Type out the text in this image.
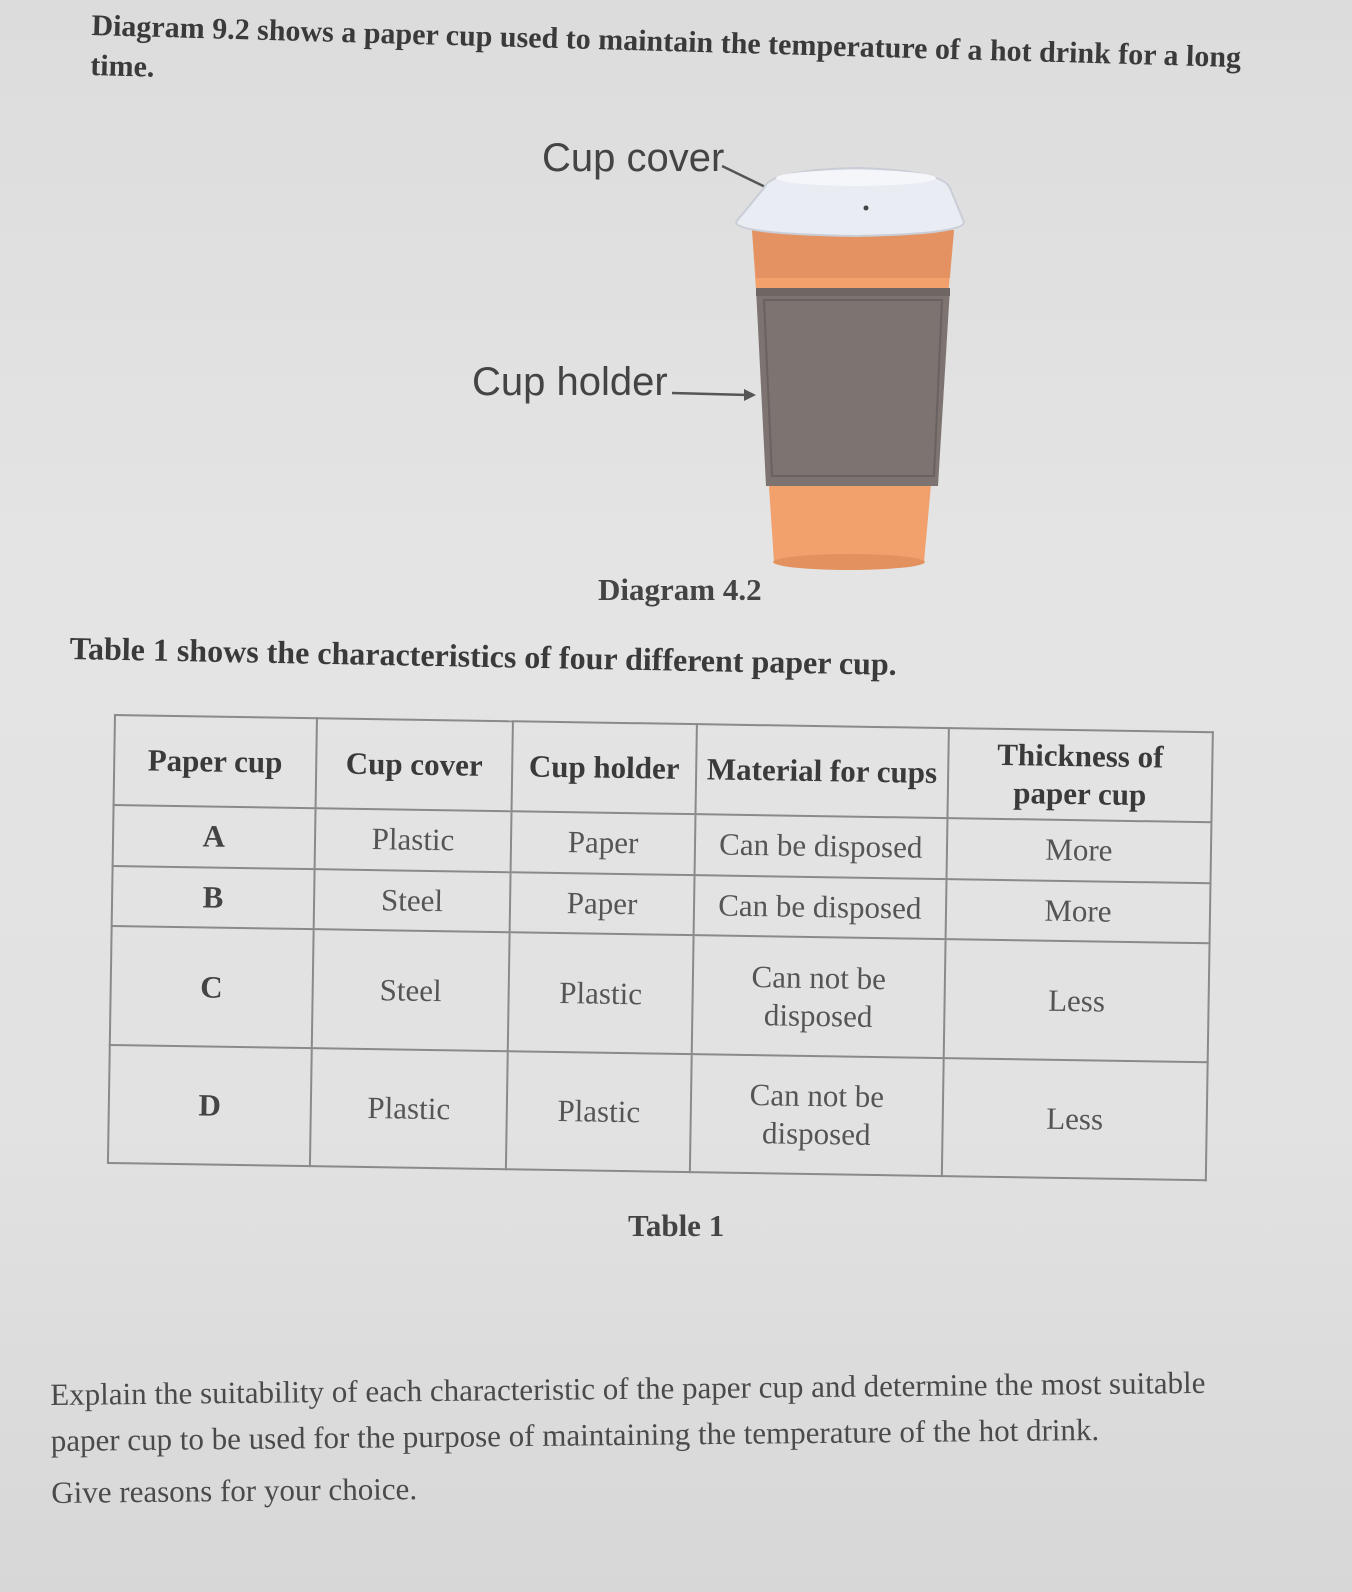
Diagram 9.2 shows a paper cup used to maintain the temperature of a hot drink for a long time.
Cup cover
Cup holder
Diagram 4.2
Table 1 shows the characteristics of four different paper cup.
Paper cup	Cup cover	Cup holder	Material for cups	Thickness of paper cup
A	Plastic	Paper	Can be disposed	More
B	Steel	Paper	Can be disposed	More
C	Steel	Plastic	Can not be disposed	Less
D	Plastic	Plastic	Can not be disposed	Less
Table 1

Explain the suitability of each characteristic of the paper cup and determine the most suitable paper cup to be used for the purpose of maintaining the temperature of the hot drink.

Give reasons for your choice.
